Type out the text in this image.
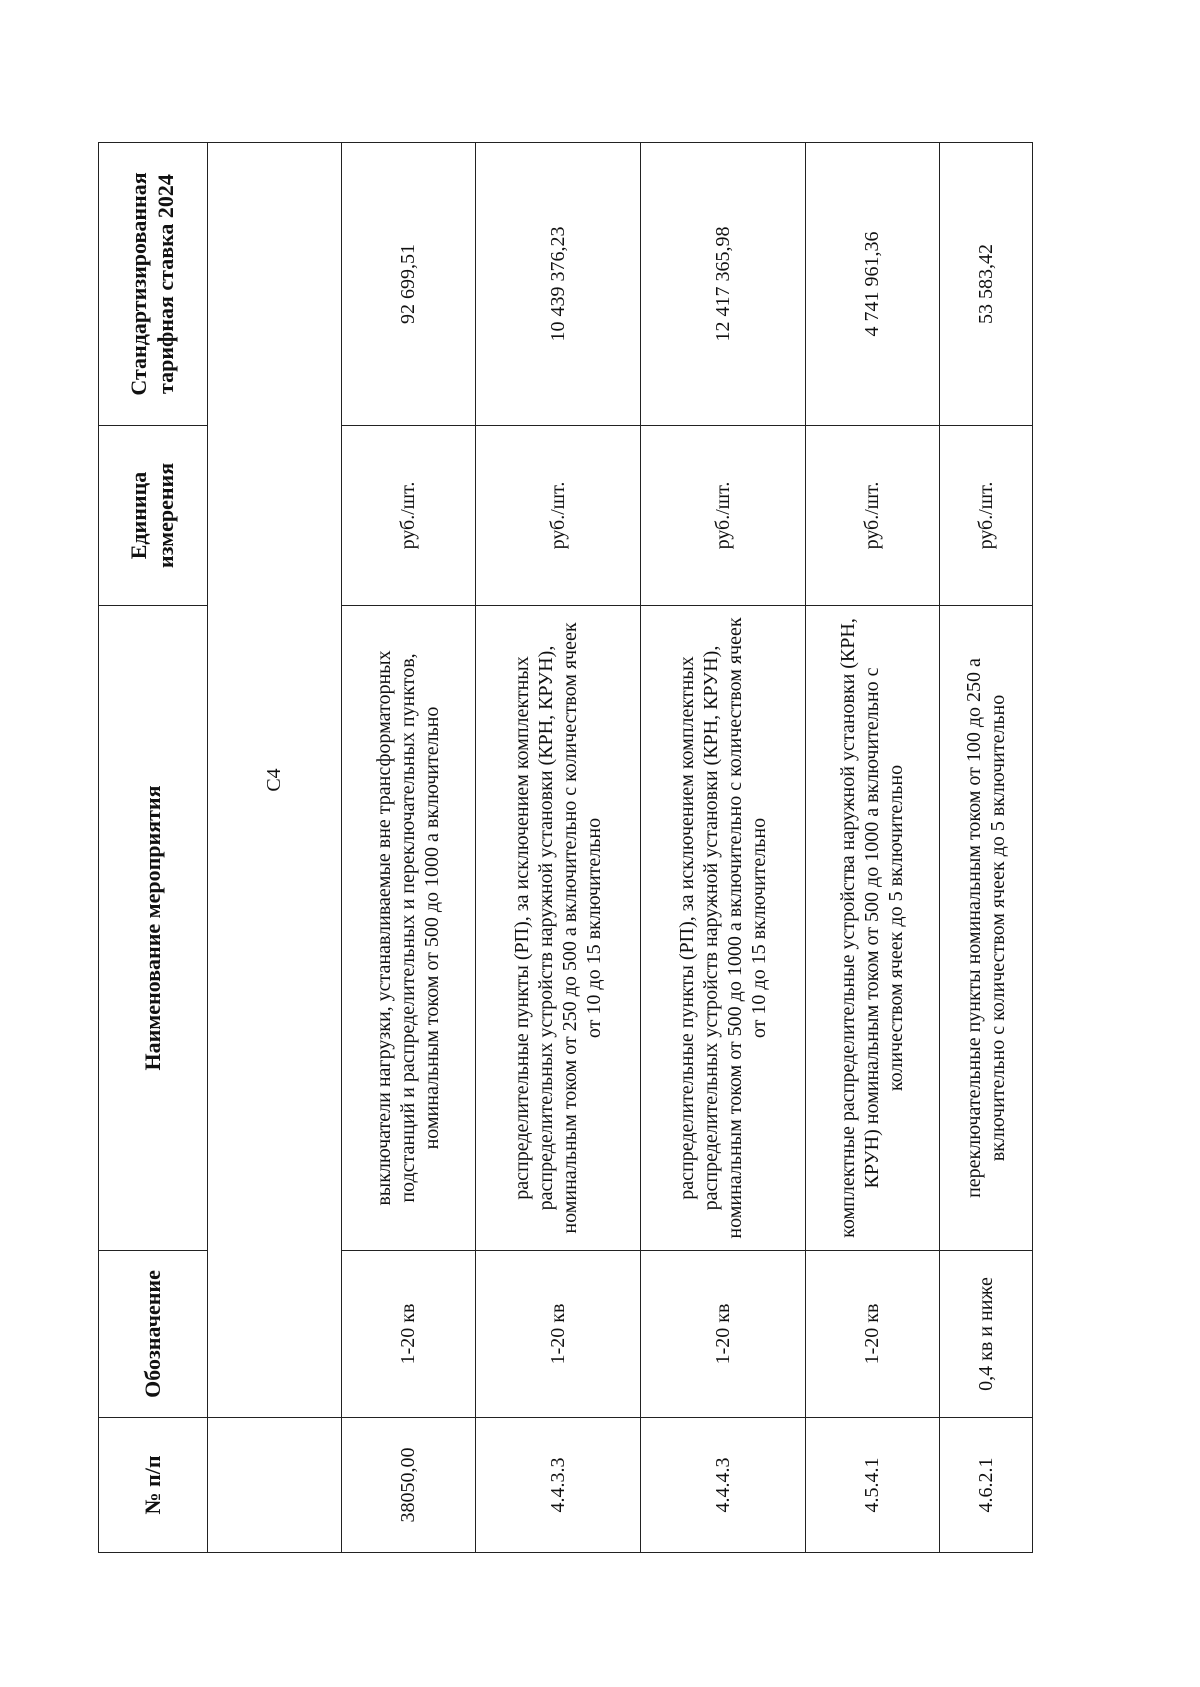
№ п/п	Обозначение	Наименование мероприятия	Единица измерения	Стандартизированная тарифная ставка 2024
	С4			
38050,00	1-20 кв	выключатели нагрузки, устанавливаемые вне трансформаторных подстанций и распределительных и переключательных пунктов, номинальным током от 500 до 1000 а включительно	руб./шт.	92 699,51
4.4.3.3	1-20 кв	распределительные пункты (РП), за исключением комплектных распределительных устройств наружной установки (КРН, КРУН), номинальным током от 250 до 500 а включительно с количеством ячеек от 10 до 15 включительно	руб./шт.	10 439 376,23
4.4.4.3	1-20 кв	распределительные пункты (РП), за исключением комплектных распределительных устройств наружной установки (КРН, КРУН), номинальным током от 500 до 1000 а включительно с количеством ячеек от 10 до 15 включительно	руб./шт.	12 417 365,98
4.5.4.1	1-20 кв	комплектные распределительные устройства наружной установки (КРН, КРУН) номинальным током от 500 до 1000 а включительно с количеством ячеек до 5 включительно	руб./шт.	4 741 961,36
4.6.2.1	0,4 кв и ниже	переключательные пункты номинальным током от 100 до 250 а включительно с количеством ячеек до 5 включительно	руб./шт.	53 583,42
